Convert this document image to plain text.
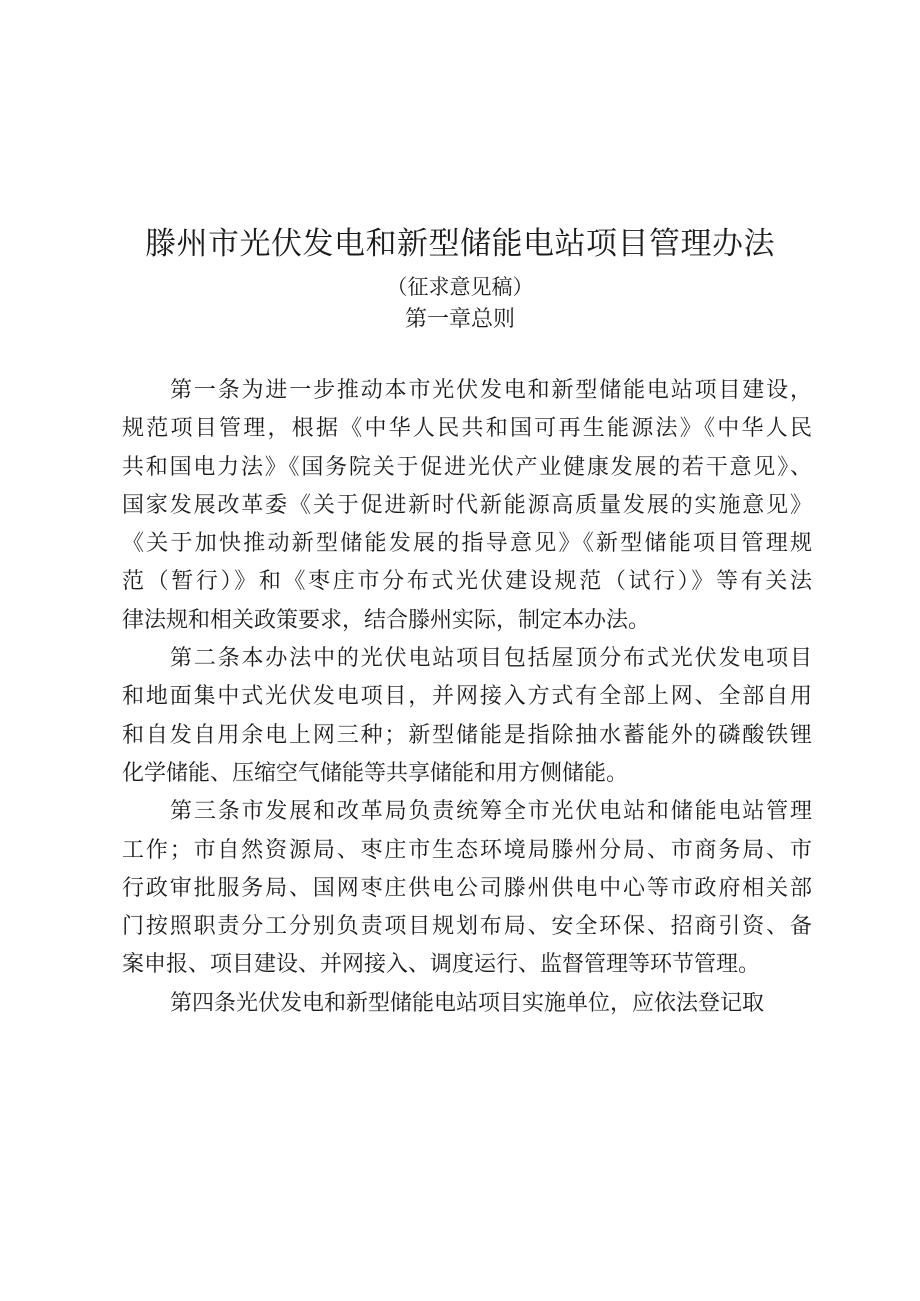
滕州市光伏发电和新型储能电站项目管理办法
（征求意见稿）
第一章总则
第一条为进一步推动本市光伏发电和新型储能电站项目建设，
规范项目管理，根据《中华人民共和国可再生能源法》《中华人民
共和国电力法》《国务院关于促进光伏产业健康发展的若干意见》、
国家发展改革委《关于促进新时代新能源高质量发展的实施意见》
《关于加快推动新型储能发展的指导意见》《新型储能项目管理规
范（暂行）》和《枣庄市分布式光伏建设规范（试行）》等有关法
律法规和相关政策要求，结合滕州实际，制定本办法。
第二条本办法中的光伏电站项目包括屋顶分布式光伏发电项目
和地面集中式光伏发电项目，并网接入方式有全部上网、全部自用
和自发自用余电上网三种；新型储能是指除抽水蓄能外的磷酸铁锂
化学储能、压缩空气储能等共享储能和用方侧储能。
第三条市发展和改革局负责统筹全市光伏电站和储能电站管理
工作；市自然资源局、枣庄市生态环境局滕州分局、市商务局、市
行政审批服务局、国网枣庄供电公司滕州供电中心等市政府相关部
门按照职责分工分别负责项目规划布局、安全环保、招商引资、备
案申报、项目建设、并网接入、调度运行、监督管理等环节管理。
第四条光伏发电和新型储能电站项目实施单位，应依法登记取
